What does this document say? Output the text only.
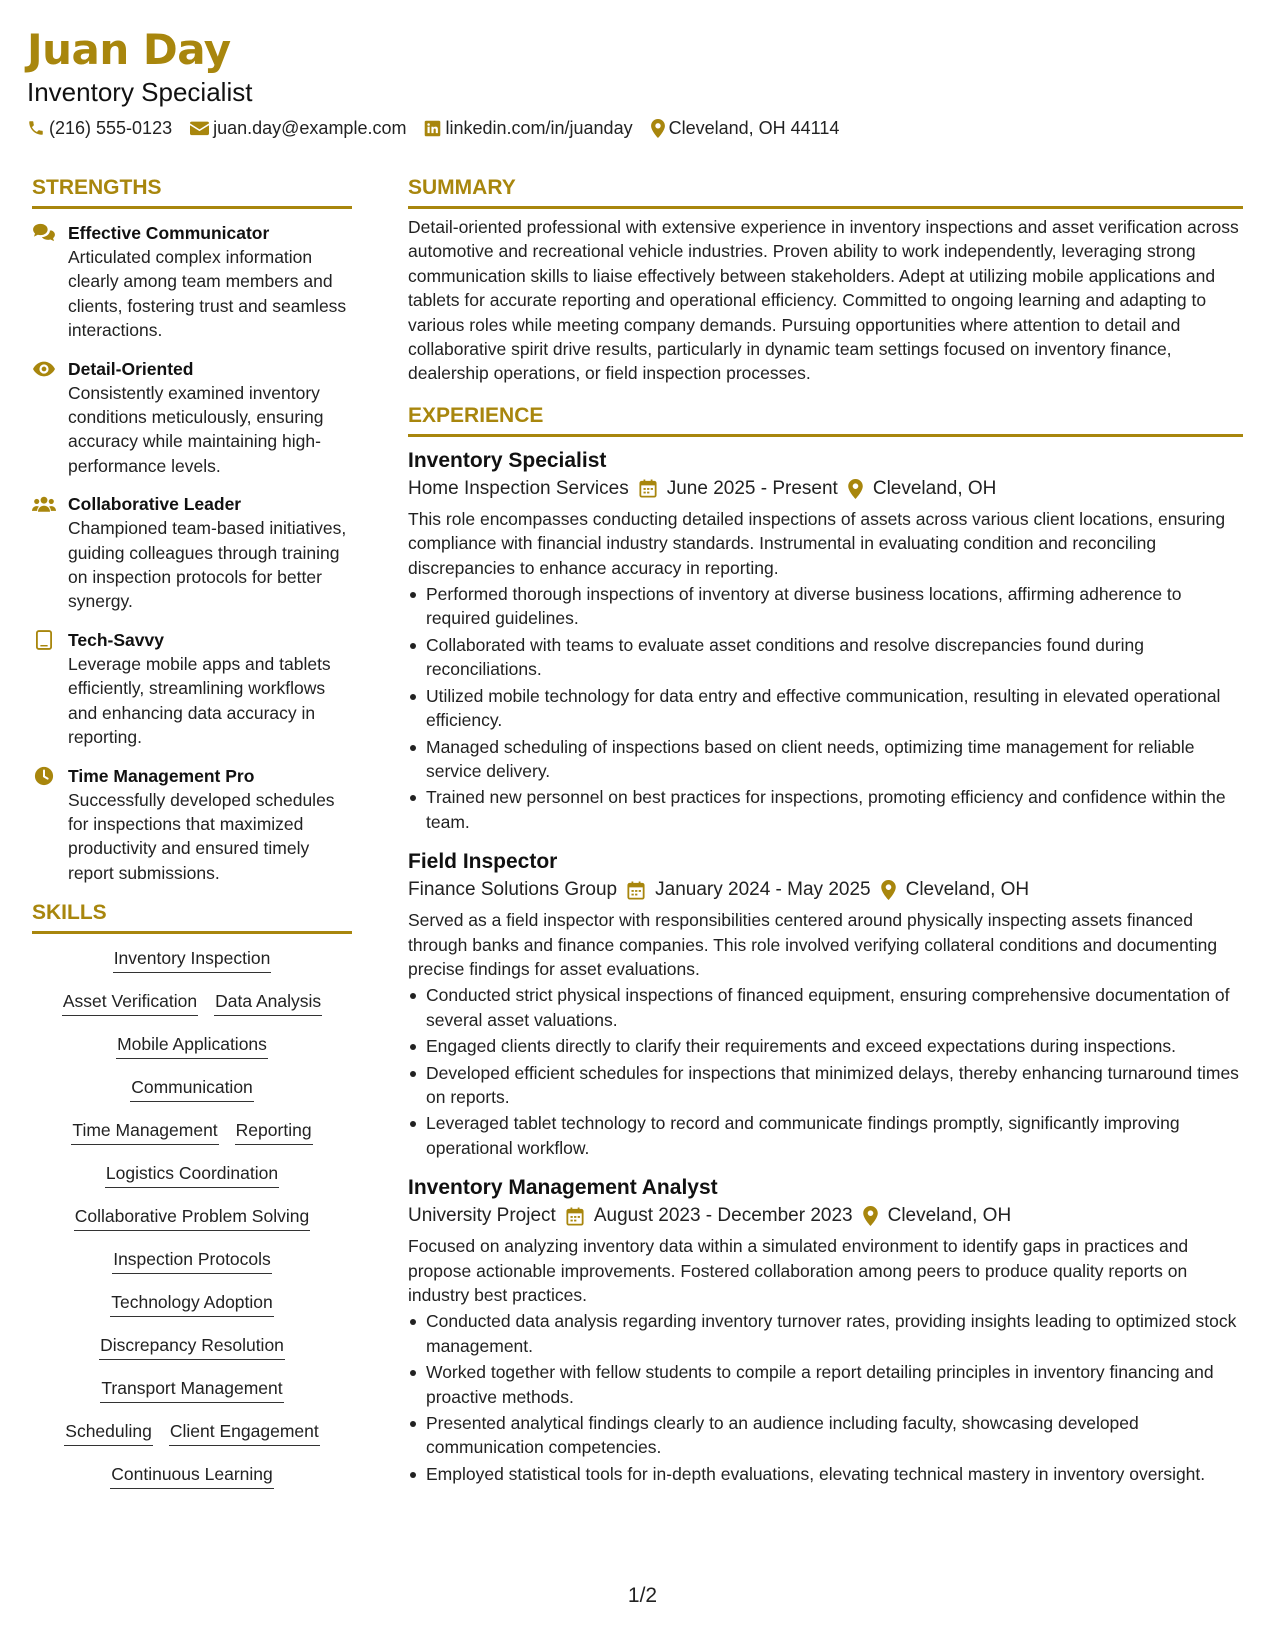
Juan Day
Inventory Specialist
(216) 555-0123 juan.day@example.com linkedin.com/in/juanday Cleveland, OH 44114
STRENGTHS
Effective Communicator
Articulated complex information clearly among team members and clients, fostering trust and seamless interactions.
Detail-Oriented
Consistently examined inventory conditions meticulously, ensuring accuracy while maintaining high-performance levels.
Collaborative Leader
Championed team-based initiatives, guiding colleagues through training on inspection protocols for better synergy.
Tech-Savvy
Leverage mobile apps and tablets efficiently, streamlining workflows and enhancing data accuracy in reporting.
Time Management Pro
Successfully developed schedules for inspections that maximized productivity and ensured timely report submissions.
SKILLS
Inventory Inspection
Asset Verification Data Analysis
Mobile Applications
Communication
Time Management Reporting
Logistics Coordination
Collaborative Problem Solving
Inspection Protocols
Technology Adoption
Discrepancy Resolution
Transport Management
Scheduling Client Engagement
Continuous Learning
SUMMARY
Detail-oriented professional with extensive experience in inventory inspections and asset verification across automotive and recreational vehicle industries. Proven ability to work independently, leveraging strong communication skills to liaise effectively between stakeholders. Adept at utilizing mobile applications and tablets for accurate reporting and operational efficiency. Committed to ongoing learning and adapting to various roles while meeting company demands. Pursuing opportunities where attention to detail and collaborative spirit drive results, particularly in dynamic team settings focused on inventory finance, dealership operations, or field inspection processes.
EXPERIENCE
Inventory Specialist
Home Inspection Services June 2025 - Present Cleveland, OH
This role encompasses conducting detailed inspections of assets across various client locations, ensuring compliance with financial industry standards. Instrumental in evaluating condition and reconciling discrepancies to enhance accuracy in reporting.
Performed thorough inspections of inventory at diverse business locations, affirming adherence to required guidelines.
Collaborated with teams to evaluate asset conditions and resolve discrepancies found during reconciliations.
Utilized mobile technology for data entry and effective communication, resulting in elevated operational efficiency.
Managed scheduling of inspections based on client needs, optimizing time management for reliable service delivery.
Trained new personnel on best practices for inspections, promoting efficiency and confidence within the team.
Field Inspector
Finance Solutions Group January 2024 - May 2025 Cleveland, OH
Served as a field inspector with responsibilities centered around physically inspecting assets financed through banks and finance companies. This role involved verifying collateral conditions and documenting precise findings for asset evaluations.
Conducted strict physical inspections of financed equipment, ensuring comprehensive documentation of several asset valuations.
Engaged clients directly to clarify their requirements and exceed expectations during inspections.
Developed efficient schedules for inspections that minimized delays, thereby enhancing turnaround times on reports.
Leveraged tablet technology to record and communicate findings promptly, significantly improving operational workflow.
Inventory Management Analyst
University Project August 2023 - December 2023 Cleveland, OH
Focused on analyzing inventory data within a simulated environment to identify gaps in practices and propose actionable improvements. Fostered collaboration among peers to produce quality reports on industry best practices.
Conducted data analysis regarding inventory turnover rates, providing insights leading to optimized stock management.
Worked together with fellow students to compile a report detailing principles in inventory financing and proactive methods.
Presented analytical findings clearly to an audience including faculty, showcasing developed communication competencies.
Employed statistical tools for in-depth evaluations, elevating technical mastery in inventory oversight.
1/2
